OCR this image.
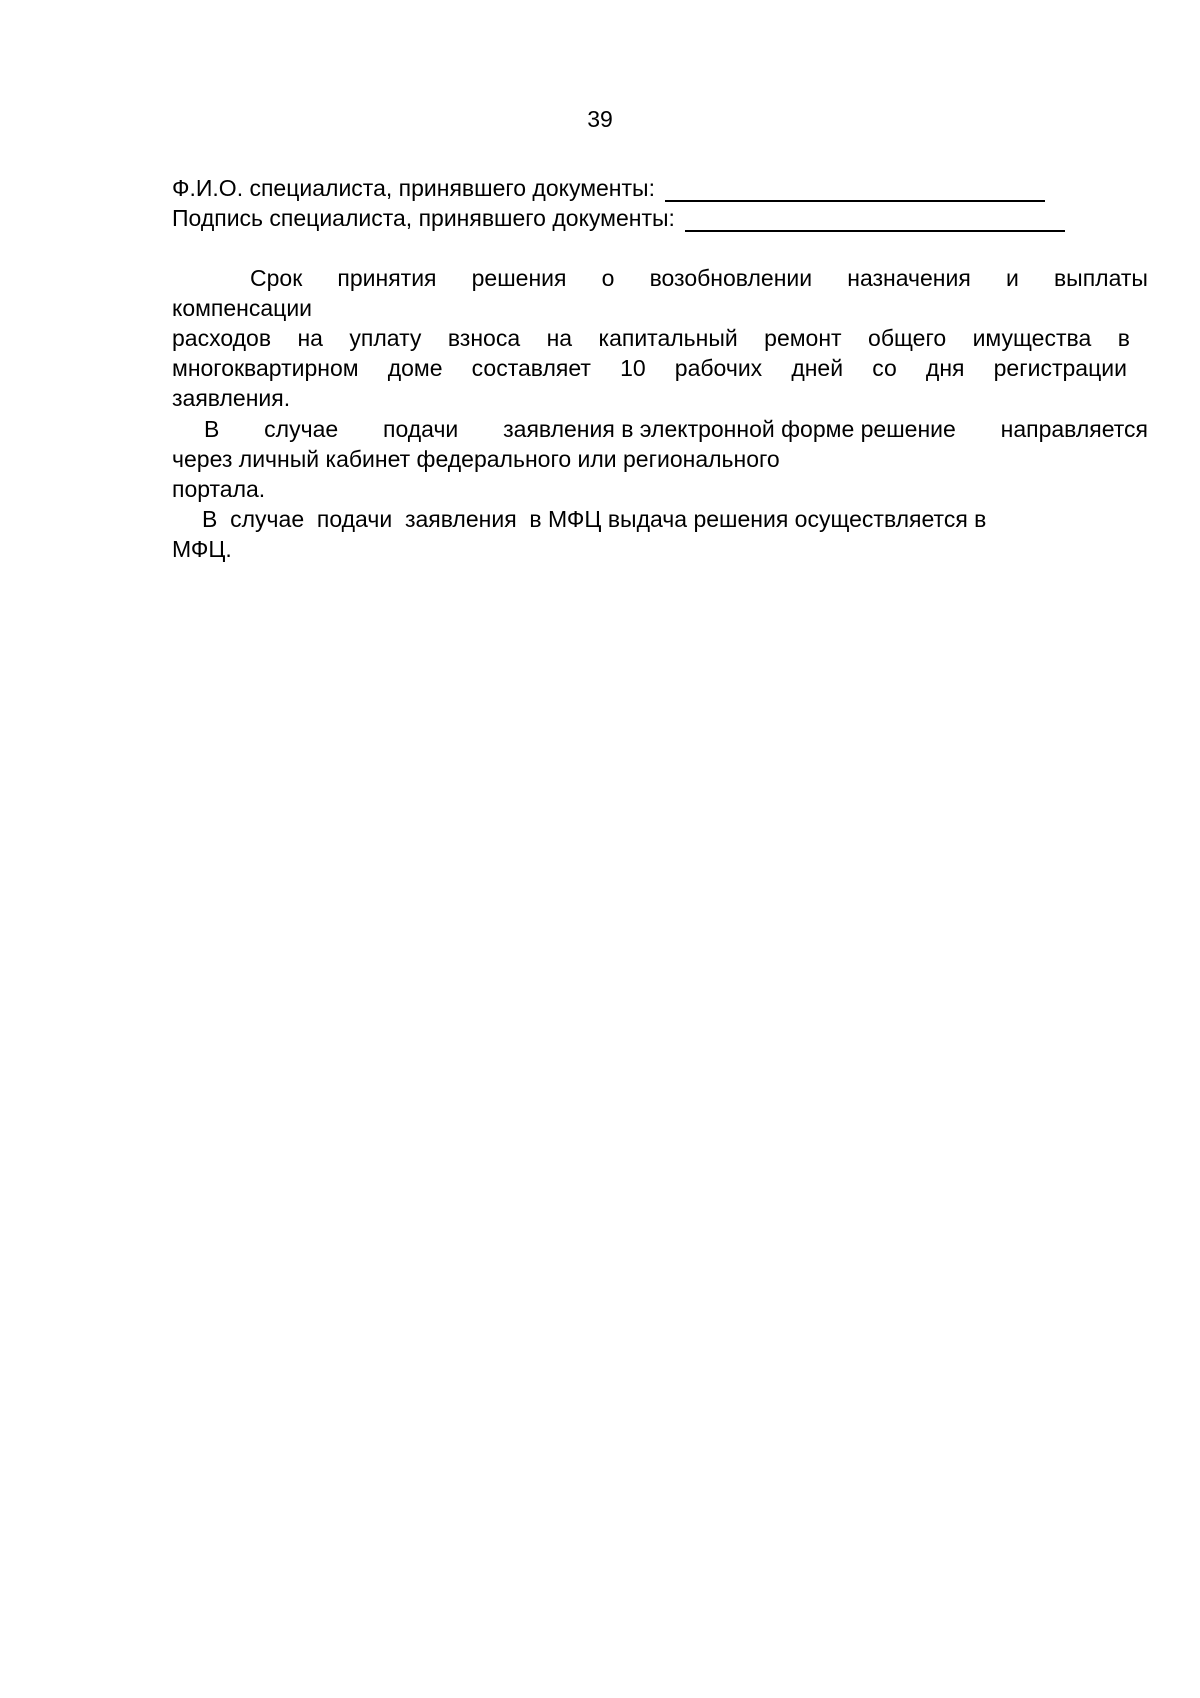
39
Ф.И.О. специалиста, принявшего документы:
Подпись специалиста, принявшего документы:
Срок принятия решения о возобновлении назначения и выплаты
компенсации
расходов на уплату взноса на капитальный ремонт общего имущества в
многоквартирном доме составляет 10 рабочих дней со дня регистрации
заявления.
В случае подачи заявления в электронной форме решение направляется
через личный кабинет федерального или регионального
портала.
В  случае  подачи  заявления  в МФЦ выдача решения осуществляется в
МФЦ.
